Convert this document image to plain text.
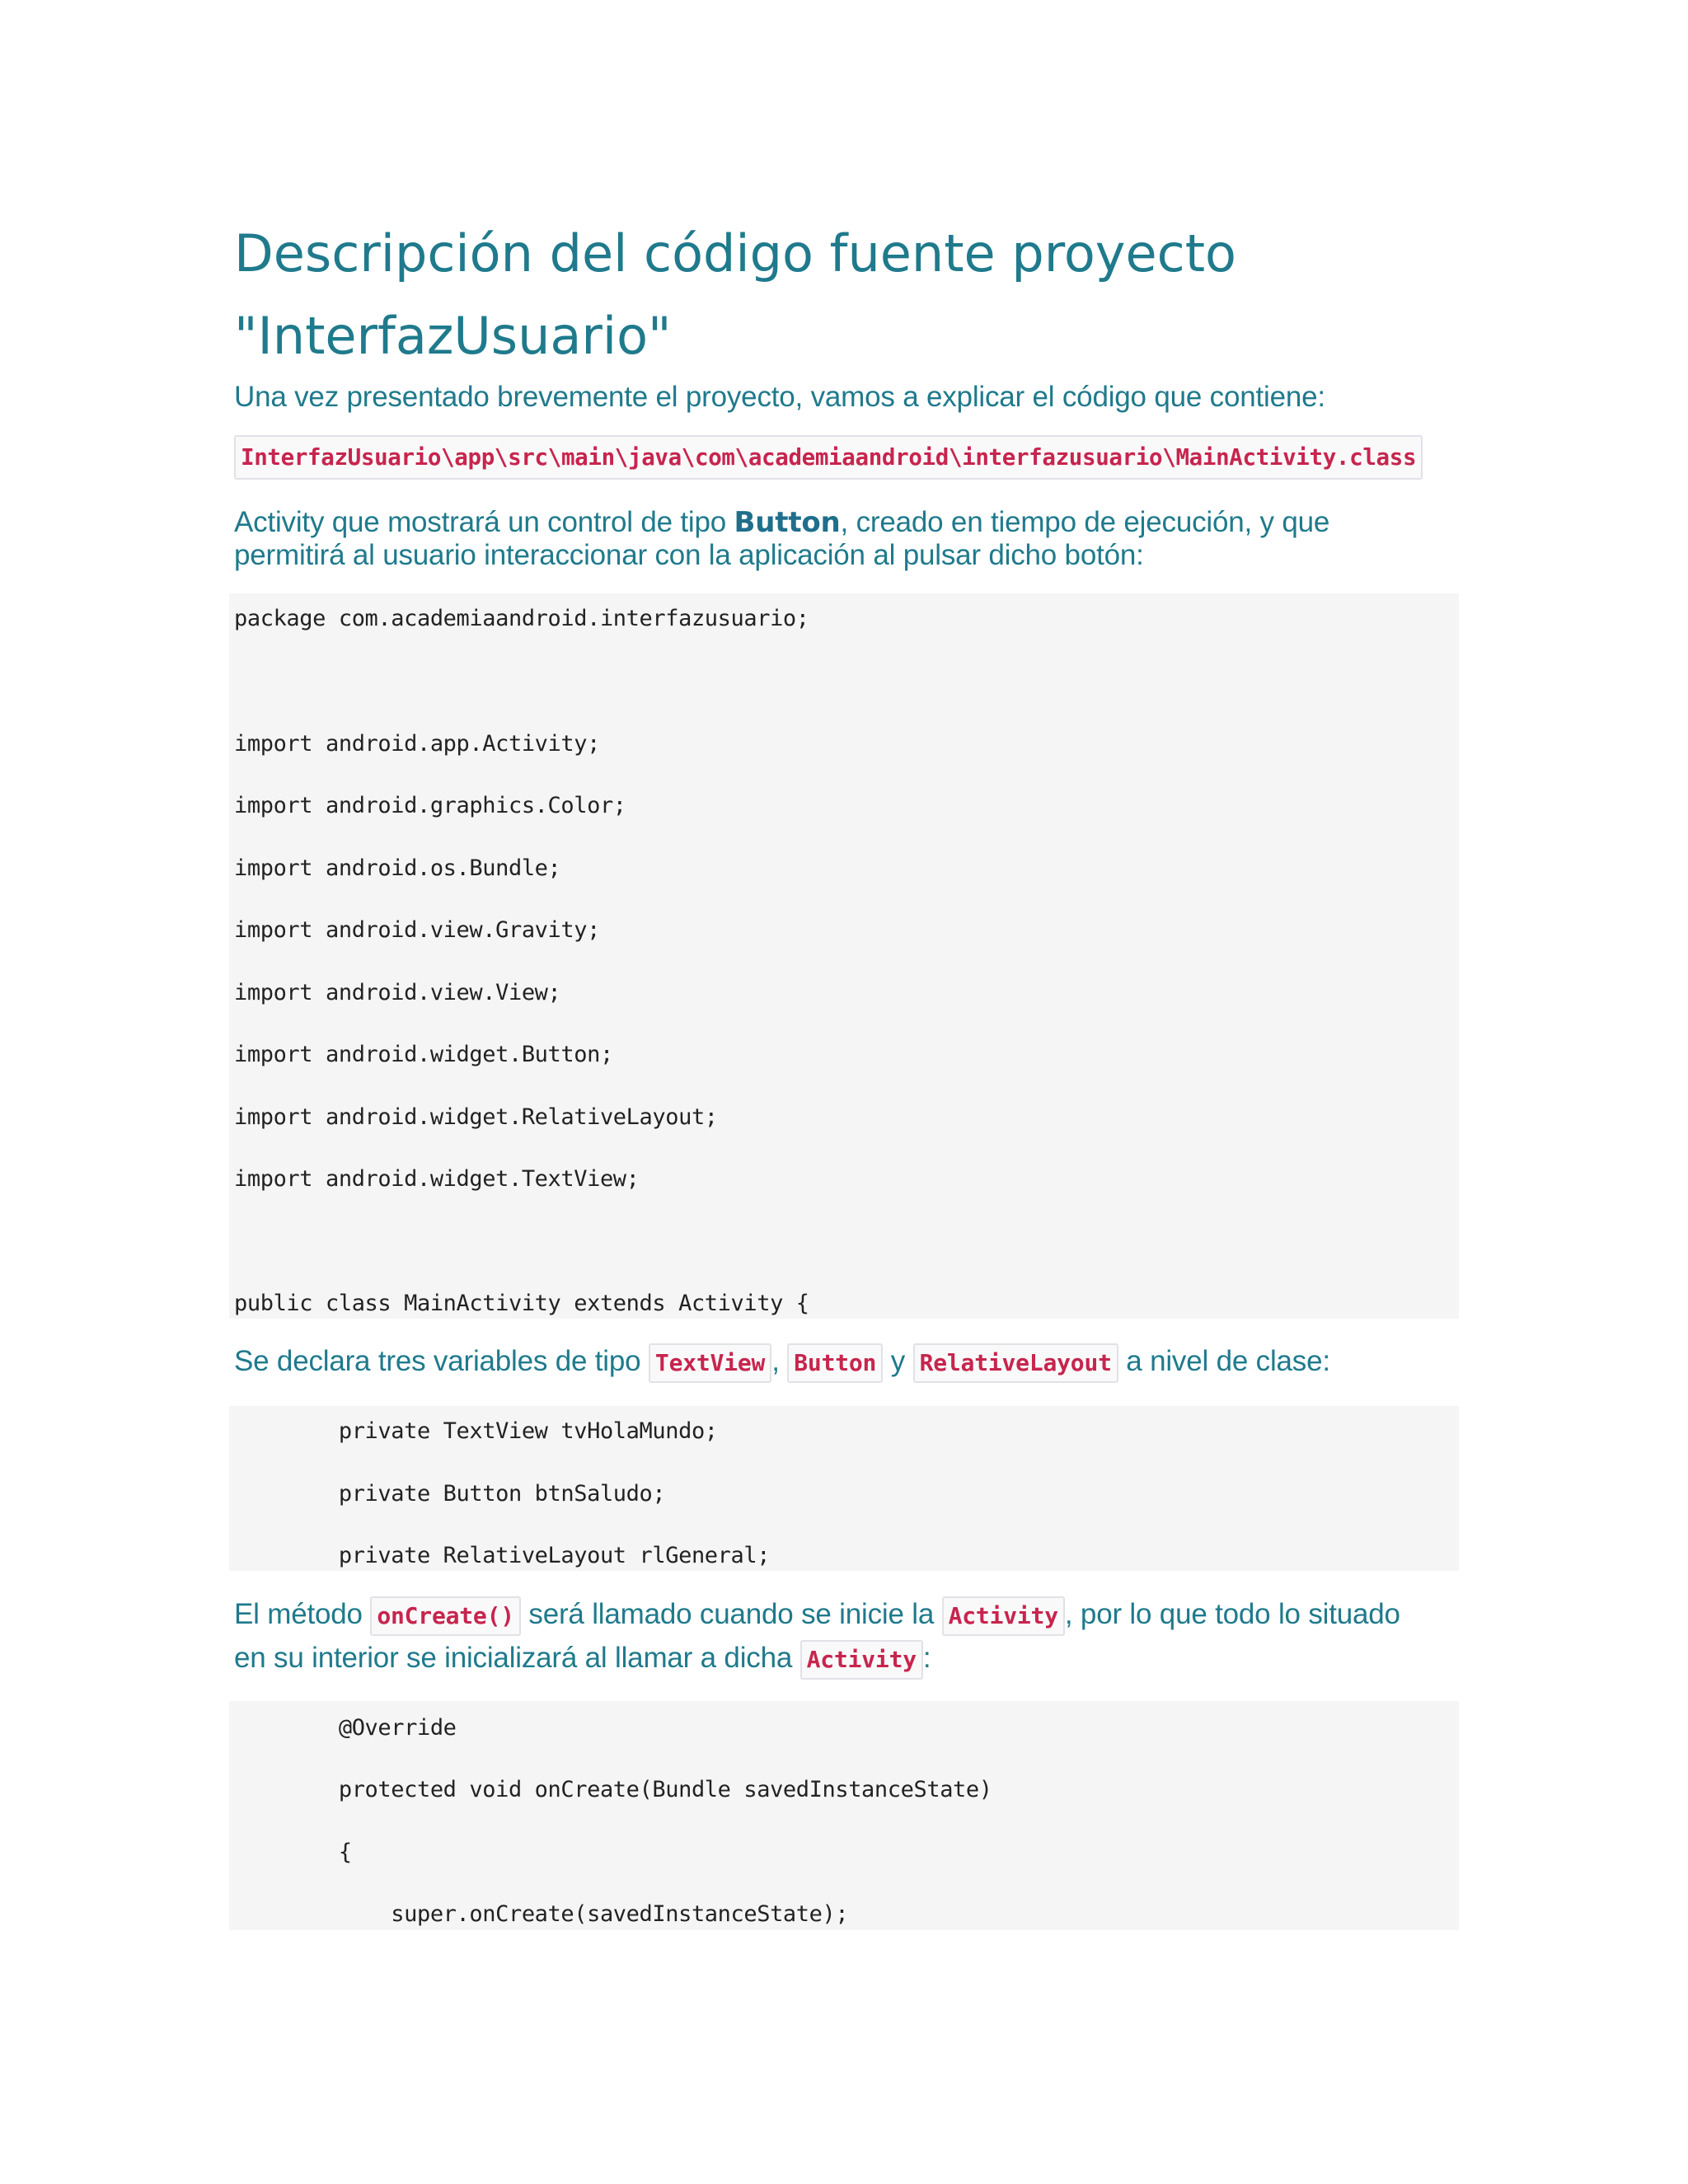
Descripción del código fuente proyecto
"InterfazUsuario"

Una vez presentado brevemente el proyecto, vamos a explicar el código que contiene:

InterfazUsuario\app\src\main\java\com\academiaandroid\interfazusuario\MainActivity.class

Activity que mostrará un control de tipo Button, creado en tiempo de ejecución, y que
permitirá al usuario interaccionar con la aplicación al pulsar dicho botón:

package com.academiaandroid.interfazusuario;
import android.app.Activity;
import android.graphics.Color;
import android.os.Bundle;
import android.view.Gravity;
import android.view.View;
import android.widget.Button;
import android.widget.RelativeLayout;
import android.widget.TextView;
public class MainActivity extends Activity {

Se declara tres variables de tipo TextView , Button y RelativeLayout a nivel de clase:

private TextView tvHolaMundo;
private Button btnSaludo;
private RelativeLayout rlGeneral;

El método onCreate() será llamado cuando se inicie la Activity , por lo que todo lo situado
en su interior se inicializará al llamar a dicha Activity :

@Override
protected void onCreate(Bundle savedInstanceState)
{
super.onCreate(savedInstanceState);
